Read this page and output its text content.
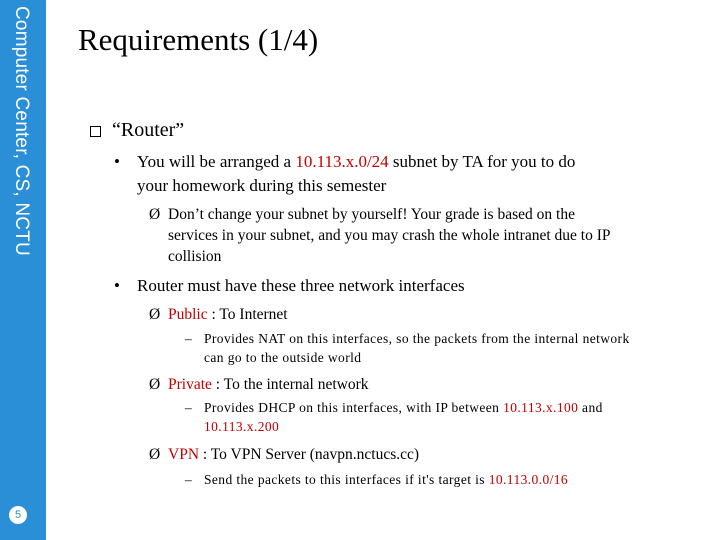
Computer Center, CS, NCTU
5
Requirements (1/4)
“Router”
• You will be arranged a 10.113.x.0/24 subnet by TA for you to do
your homework during this semester
Ø Don’t change your subnet by yourself! Your grade is based on the
services in your subnet, and you may crash the whole intranet due to IP
collision
• Router must have these three network interfaces
Ø Public : To Internet
– Provides NAT on this interfaces, so the packets from the internal network
can go to the outside world
Ø Private : To the internal network
– Provides DHCP on this interfaces, with IP between 10.113.x.100 and
10.113.x.200
Ø VPN : To VPN Server (navpn.nctucs.cc)
– Send the packets to this interfaces if it's target is 10.113.0.0/16
